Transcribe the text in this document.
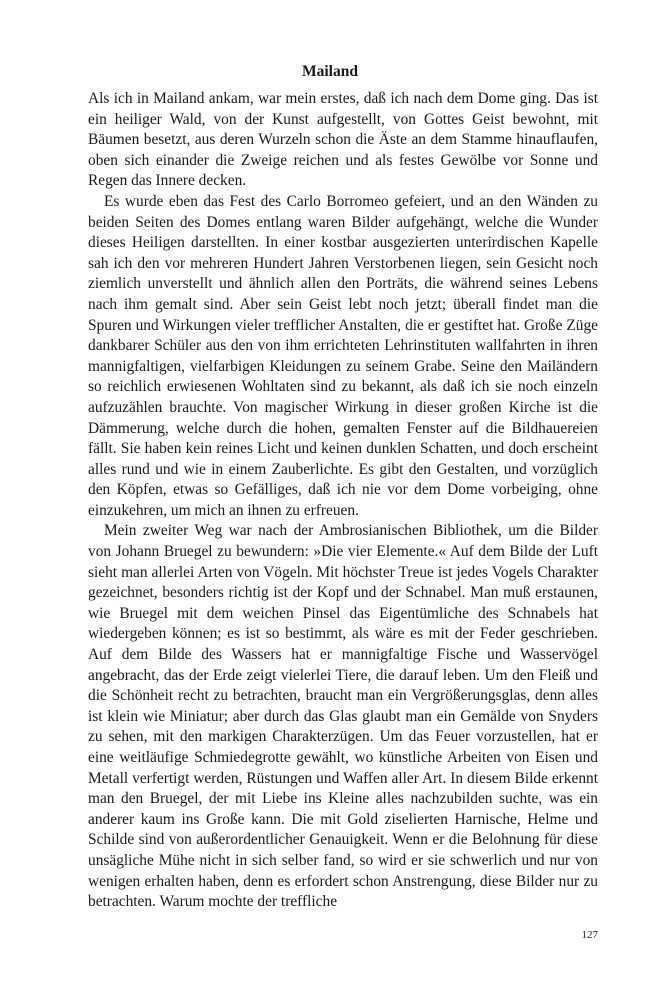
Mailand

Als ich in Mailand ankam, war mein erstes, daß ich nach dem Dome ging. Das ist ein heiliger Wald, von der Kunst aufgestellt, von Gottes Geist bewohnt, mit Bäumen besetzt, aus deren Wurzeln schon die Äste an dem Stamme hinauflaufen, oben sich einander die Zweige reichen und als festes Gewölbe vor Sonne und Regen das Innere decken.

Es wurde eben das Fest des Carlo Borromeo gefeiert, und an den Wänden zu beiden Seiten des Domes entlang waren Bilder aufgehängt, welche die Wunder dieses Heiligen darstellten. In einer kostbar ausgezierten unterirdischen Kapelle sah ich den vor mehreren Hundert Jahren Verstorbenen liegen, sein Gesicht noch ziemlich unverstellt und ähnlich allen den Porträts, die während seines Lebens nach ihm gemalt sind. Aber sein Geist lebt noch jetzt; überall findet man die Spuren und Wirkungen vieler trefflicher Anstalten, die er gestiftet hat. Große Züge dankbarer Schüler aus den von ihm errichteten Lehrinstituten wallfahrten in ihren mannigfaltigen, vielfarbigen Kleidungen zu seinem Grabe. Seine den Mailändern so reichlich erwiesenen Wohltaten sind zu bekannt, als daß ich sie noch einzeln aufzuzählen brauchte. Von magischer Wirkung in dieser großen Kirche ist die Dämmerung, welche durch die hohen, gemalten Fenster auf die Bildhauereien fällt. Sie haben kein reines Licht und keinen dunklen Schatten, und doch erscheint alles rund und wie in einem Zauberlichte. Es gibt den Gestalten, und vorzüglich den Köpfen, etwas so Gefälliges, daß ich nie vor dem Dome vorbeiging, ohne einzukehren, um mich an ihnen zu erfreuen.

Mein zweiter Weg war nach der Ambrosianischen Bibliothek, um die Bilder von Johann Bruegel zu bewundern: »Die vier Elemente.« Auf dem Bilde der Luft sieht man allerlei Arten von Vögeln. Mit höchster Treue ist jedes Vogels Charakter gezeichnet, besonders richtig ist der Kopf und der Schnabel. Man muß erstaunen, wie Bruegel mit dem weichen Pinsel das Eigentümliche des Schnabels hat wiedergeben können; es ist so bestimmt, als wäre es mit der Feder geschrieben. Auf dem Bilde des Wassers hat er mannigfaltige Fische und Wasservögel angebracht, das der Erde zeigt vielerlei Tiere, die darauf leben. Um den Fleiß und die Schönheit recht zu betrachten, braucht man ein Vergrößerungsglas, denn alles ist klein wie Miniatur; aber durch das Glas glaubt man ein Gemälde von Snyders zu sehen, mit den markigen Charakterzügen. Um das Feuer vorzustellen, hat er eine weitläufige Schmiedegrotte gewählt, wo künstliche Arbeiten von Eisen und Metall verfertigt werden, Rüstungen und Waffen aller Art. In diesem Bilde erkennt man den Bruegel, der mit Liebe ins Kleine alles nachzubilden suchte, was ein anderer kaum ins Große kann. Die mit Gold ziselierten Harnische, Helme und Schilde sind von außerordentlicher Genauigkeit. Wenn er die Belohnung für diese unsägliche Mühe nicht in sich selber fand, so wird er sie schwerlich und nur von wenigen erhalten haben, denn es erfordert schon Anstrengung, diese Bilder nur zu betrachten. Warum mochte der treffliche

127
